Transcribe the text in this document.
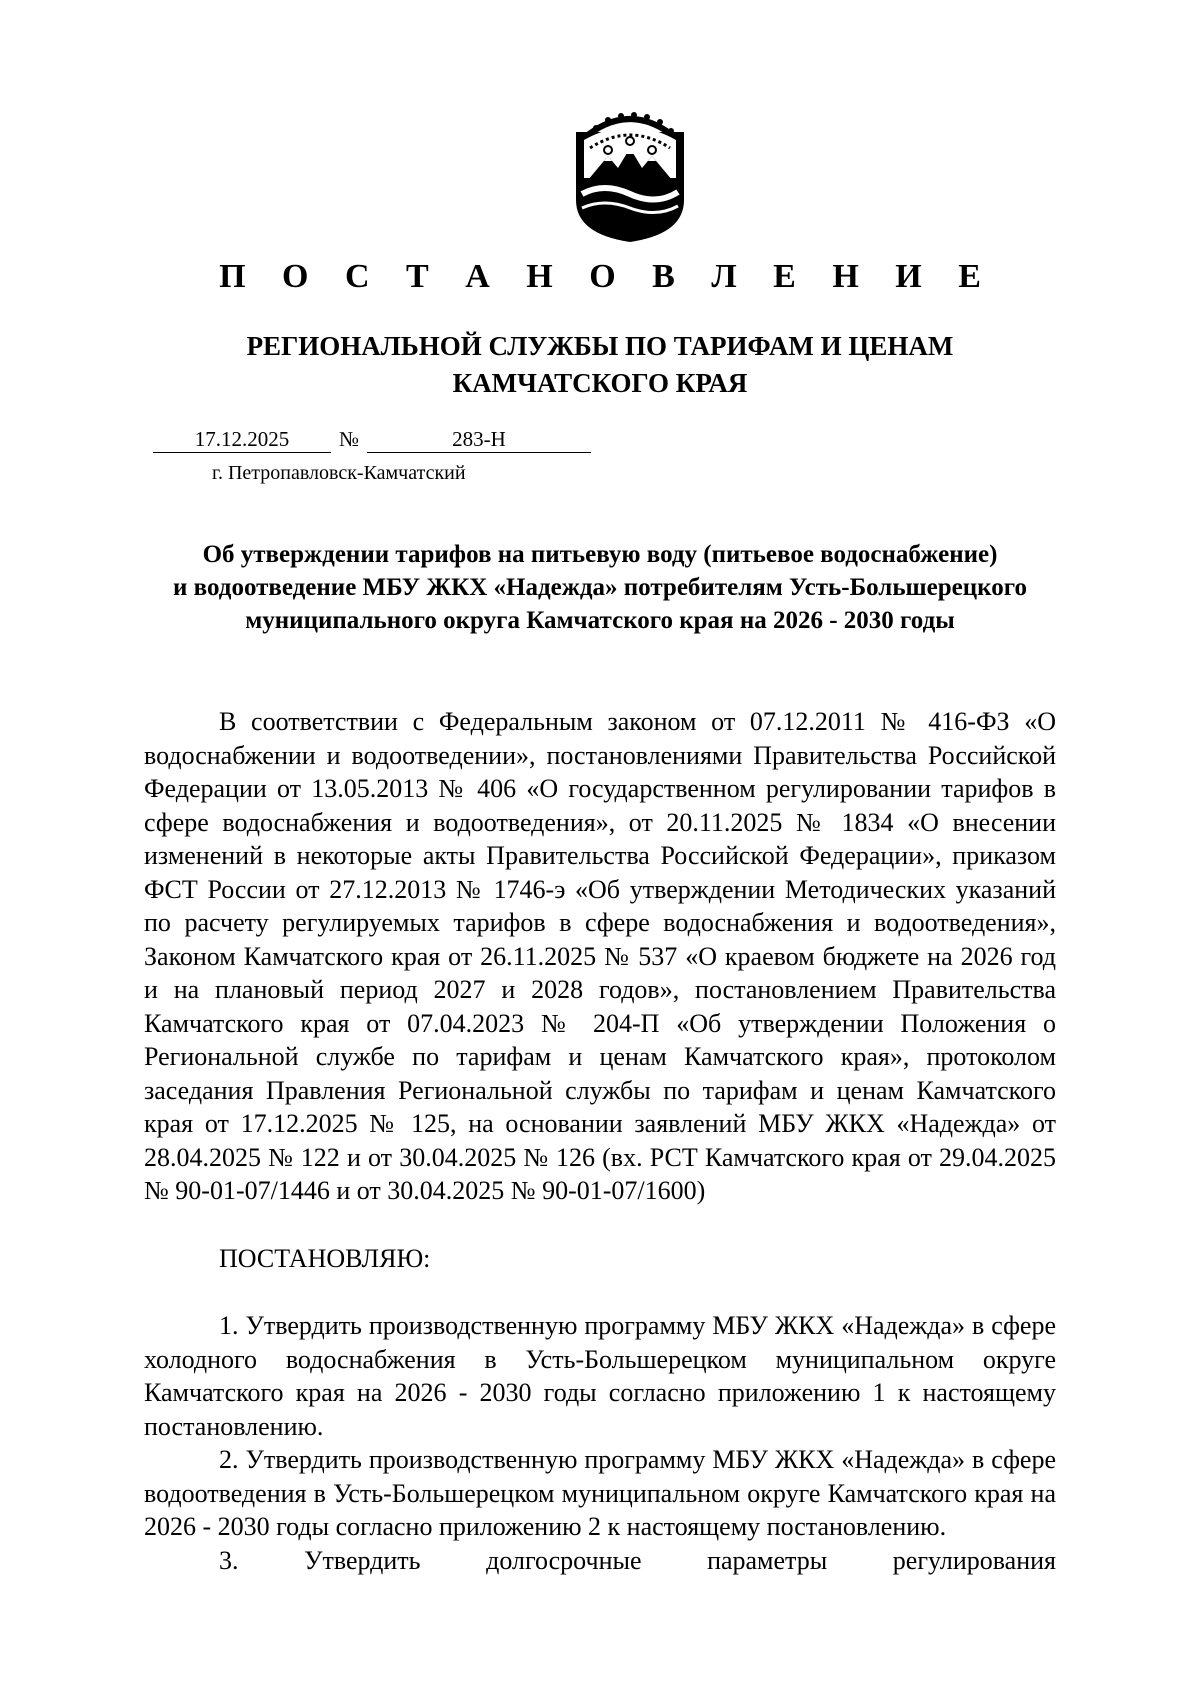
П О С Т А Н О В Л Е Н И Е
РЕГИОНАЛЬНОЙ СЛУЖБЫ ПО ТАРИФАМ И ЦЕНАМ
КАМЧАТСКОГО КРАЯ
17.12.2025	№	283-Н
г. Петропавловск-Камчатский
Об утверждении тарифов на питьевую воду (питьевое водоснабжение)
и водоотведение МБУ ЖКХ «Надежда» потребителям Усть-Большерецкого
муниципального округа Камчатского края на 2026 - 2030 годы

В соответствии с Федеральным законом от 07.12.2011 № 416-ФЗ «О водоснабжении и водоотведении», постановлениями Правительства Российской Федерации от 13.05.2013 № 406 «О государственном регулировании тарифов в сфере водоснабжения и водоотведения», от 20.11.2025 № 1834 «О внесении изменений в некоторые акты Правительства Российской Федерации», приказом ФСТ России от 27.12.2013 № 1746-э «Об утверждении Методических указаний по расчету регулируемых тарифов в сфере водоснабжения и водоотведения», Законом Камчатского края от 26.11.2025 № 537 «О краевом бюджете на 2026 год и на плановый период 2027 и 2028 годов», постановлением Правительства Камчатского края от 07.04.2023 № 204-П «Об утверждении Положения о Региональной службе по тарифам и ценам Камчатского края», протоколом заседания Правления Региональной службы по тарифам и ценам Камчатского края от 17.12.2025 № 125, на основании заявлений МБУ ЖКХ «Надежда» от 28.04.2025 № 122 и от 30.04.2025 № 126 (вх. РСТ Камчатского края от 29.04.2025 № 90-01-07/1446 и от 30.04.2025 № 90-01-07/1600)

ПОСТАНОВЛЯЮ:

1. Утвердить производственную программу МБУ ЖКХ «Надежда» в сфере холодного водоснабжения в Усть-Большерецком муниципальном округе Камчатского края на 2026 - 2030 годы согласно приложению 1 к настоящему постановлению.

2. Утвердить производственную программу МБУ ЖКХ «Надежда» в сфере водоотведения в Усть-Большерецком муниципальном округе Камчатского края на 2026 - 2030 годы согласно приложению 2 к настоящему постановлению.

3. Утвердить долгосрочные параметры регулирования
